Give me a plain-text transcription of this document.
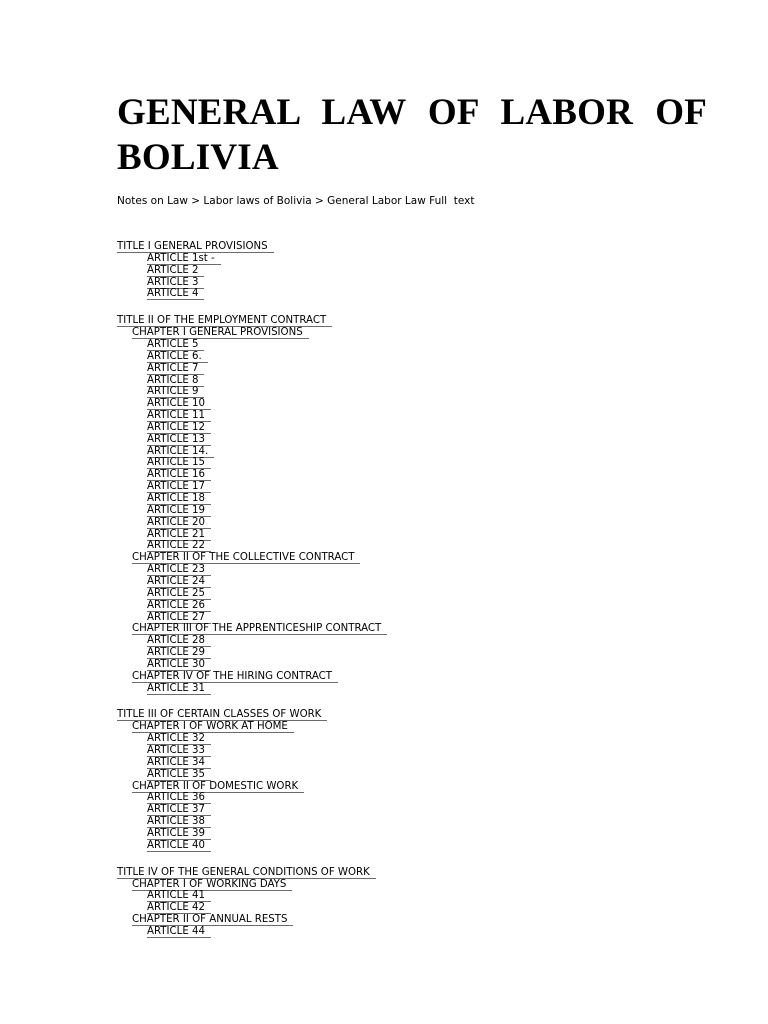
GENERAL LAW OF LABOR OF BOLIVIA
Notes on Law > Labor laws of Bolivia > General Labor Law Full  text
TITLE I GENERAL PROVISIONS
ARTICLE 1st -
ARTICLE 2
ARTICLE 3
ARTICLE 4
TITLE II OF THE EMPLOYMENT CONTRACT
CHAPTER I GENERAL PROVISIONS
ARTICLE 5
ARTICLE 6.
ARTICLE 7
ARTICLE 8
ARTICLE 9
ARTICLE 10
ARTICLE 11
ARTICLE 12
ARTICLE 13
ARTICLE 14.
ARTICLE 15
ARTICLE 16
ARTICLE 17
ARTICLE 18
ARTICLE 19
ARTICLE 20
ARTICLE 21
ARTICLE 22
CHAPTER II OF THE COLLECTIVE CONTRACT
ARTICLE 23
ARTICLE 24
ARTICLE 25
ARTICLE 26
ARTICLE 27
CHAPTER III OF THE APPRENTICESHIP CONTRACT
ARTICLE 28
ARTICLE 29
ARTICLE 30
CHAPTER IV OF THE HIRING CONTRACT
ARTICLE 31
TITLE III OF CERTAIN CLASSES OF WORK
CHAPTER I OF WORK AT HOME
ARTICLE 32
ARTICLE 33
ARTICLE 34
ARTICLE 35
CHAPTER II OF DOMESTIC WORK
ARTICLE 36
ARTICLE 37
ARTICLE 38
ARTICLE 39
ARTICLE 40
TITLE IV OF THE GENERAL CONDITIONS OF WORK
CHAPTER I OF WORKING DAYS
ARTICLE 41
ARTICLE 42
CHAPTER II OF ANNUAL RESTS
ARTICLE 44
